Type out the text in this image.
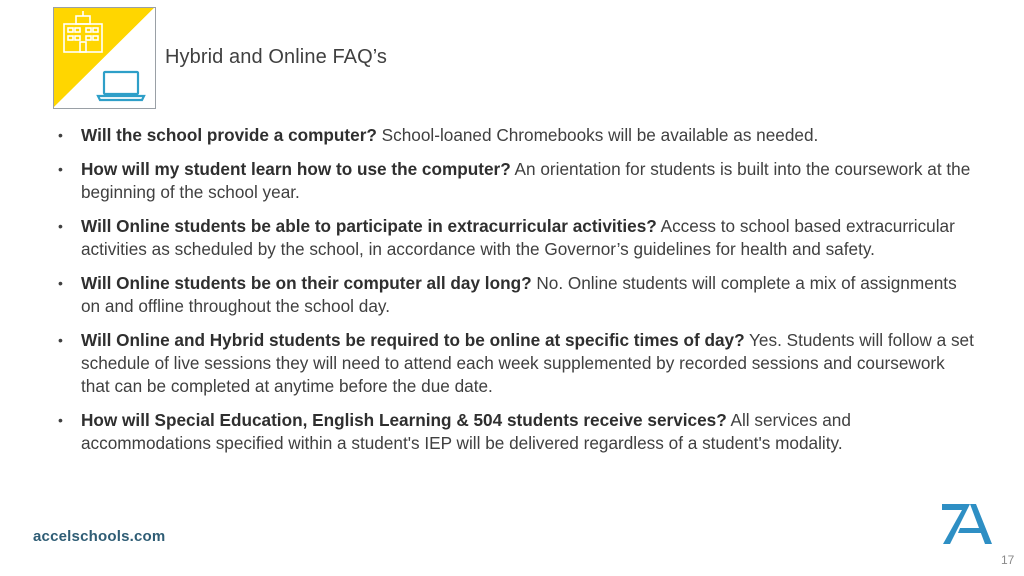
Hybrid and Online FAQ’s
•	Will the school provide a computer? School-loaned Chromebooks will be available as needed.
•	How will my student learn how to use the computer? An orientation for students is built into the coursework at the beginning of the school year.
•	Will Online students be able to participate in extracurricular activities? Access to school based extracurricular activities as scheduled by the school, in accordance with the Governor’s guidelines for health and safety.
•	Will Online students be on their computer all day long? No. Online students will complete a mix of assignments on and offline throughout the school day.
•	Will Online and Hybrid students be required to be online at specific times of day? Yes. Students will follow a set schedule of live sessions they will need to attend each week supplemented by recorded sessions and coursework that can be completed at anytime before the due date.
•	How will Special Education, English Learning & 504 students receive services? All services and accommodations specified within a student's IEP will be delivered regardless of a student's modality.
accelschools.com
17
